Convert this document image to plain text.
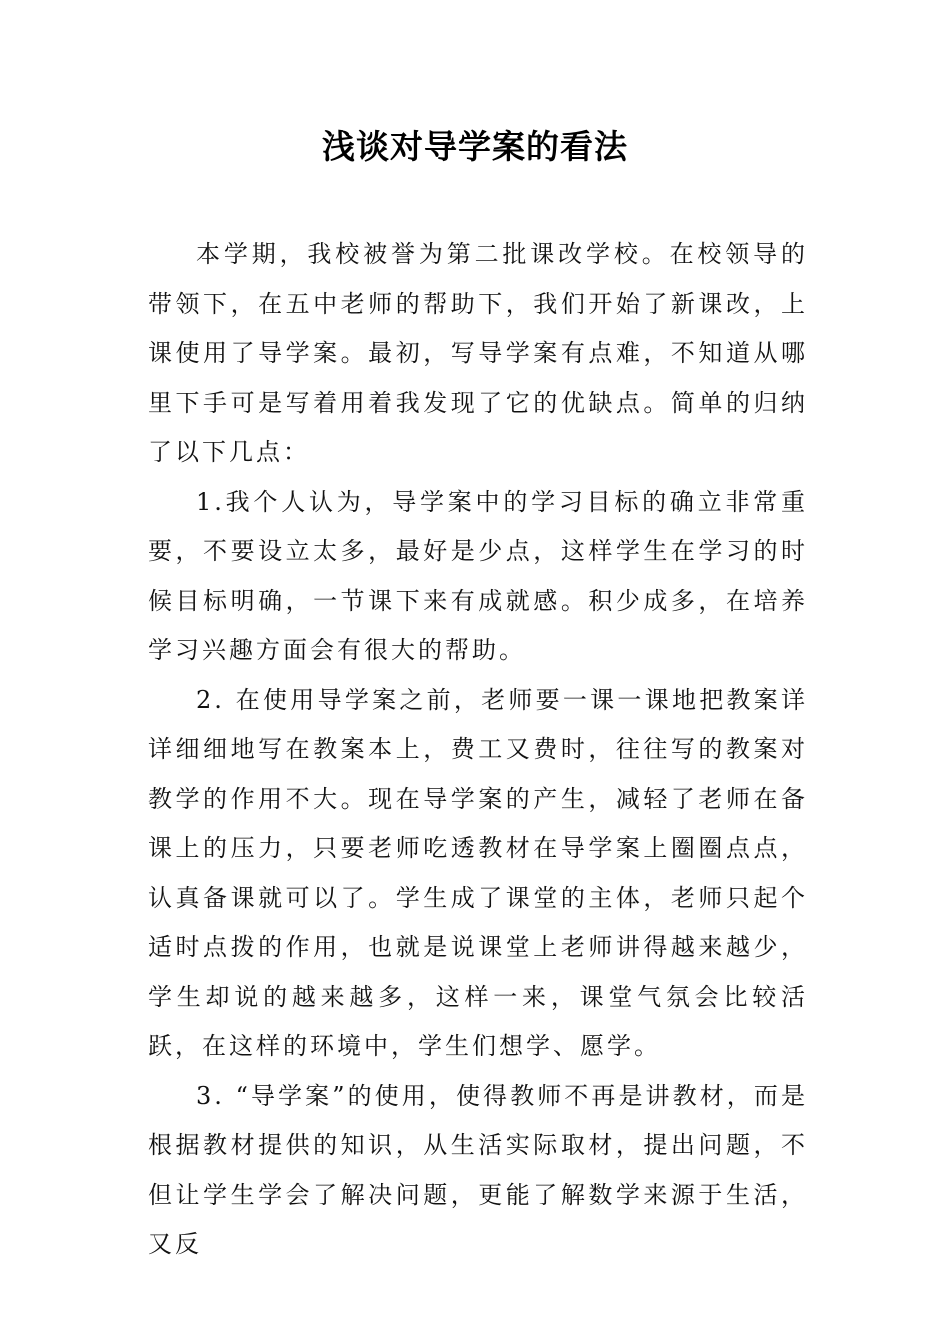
浅谈对导学案的看法

本学期，我校被誉为第二批课改学校。在校领导的带领下，在五中老师的帮助下，我们开始了新课改，上课使用了导学案。最初，写导学案有点难，不知道从哪里下手可是写着用着我发现了它的优缺点。简单的归纳了以下几点：

1.我个人认为，导学案中的学习目标的确立非常重要，不要设立太多，最好是少点，这样学生在学习的时候目标明确，一节课下来有成就感。积少成多，在培养学习兴趣方面会有很大的帮助。

2. 在使用导学案之前，老师要一课一课地把教案详详细细地写在教案本上，费工又费时，往往写的教案对教学的作用不大。现在导学案的产生，减轻了老师在备课上的压力，只要老师吃透教材在导学案上圈圈点点，认真备课就可以了。学生成了课堂的主体，老师只起个适时点拨的作用，也就是说课堂上老师讲得越来越少，学生却说的越来越多，这样一来，课堂气氛会比较活跃，在这样的环境中，学生们想学、愿学。

3. “导学案”的使用，使得教师不再是讲教材，而是根据教材提供的知识，从生活实际取材，提出问题，不但让学生学会了解决问题，更能了解数学来源于生活，又反
